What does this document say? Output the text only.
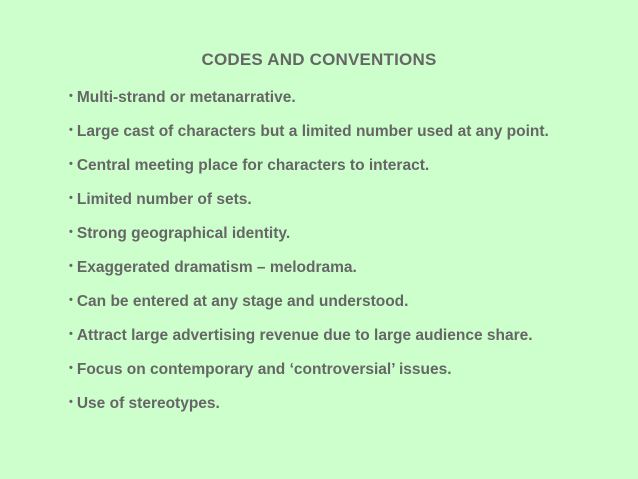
CODES AND CONVENTIONS
• Multi-strand or metanarrative.
• Large cast of characters but a limited number used at any point.
• Central meeting place for characters to interact.
• Limited number of sets.
• Strong geographical identity.
• Exaggerated dramatism – melodrama.
• Can be entered at any stage and understood.
• Attract large advertising revenue due to large audience share.
• Focus on contemporary and ‘controversial’ issues.
• Use of stereotypes.
